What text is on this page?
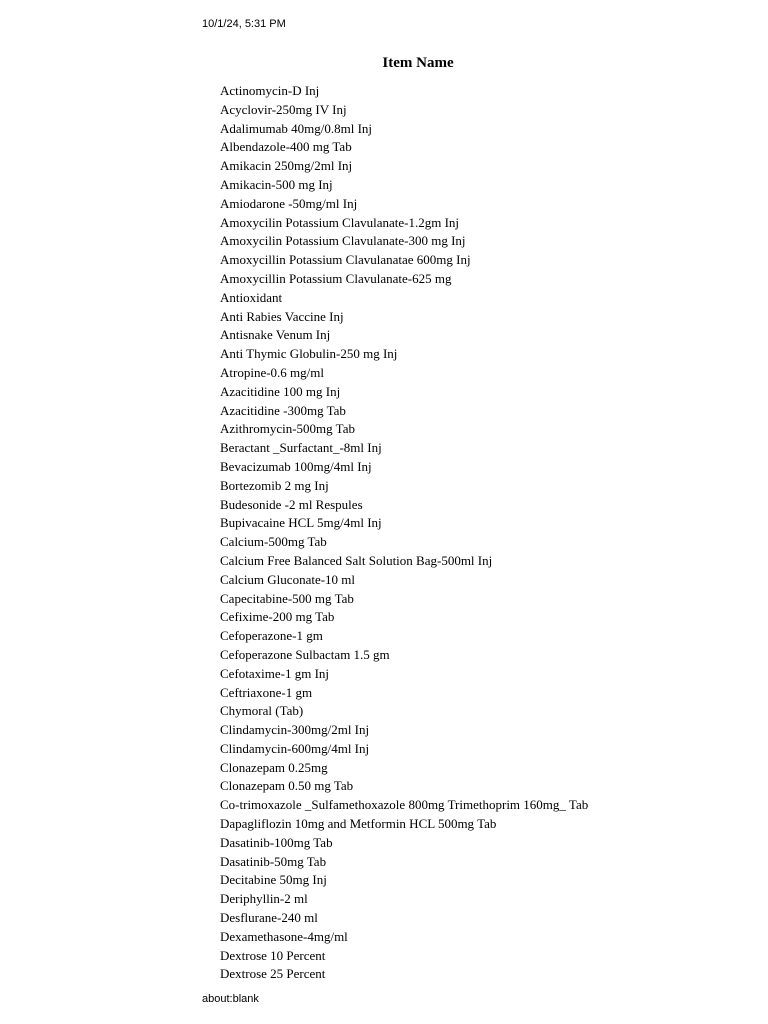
10/1/24, 5:31 PM
Item Name
Actinomycin-D Inj
Acyclovir-250mg IV Inj
Adalimumab 40mg/0.8ml Inj
Albendazole-400 mg Tab
Amikacin 250mg/2ml Inj
Amikacin-500 mg Inj
Amiodarone -50mg/ml Inj
Amoxycilin Potassium Clavulanate-1.2gm Inj
Amoxycilin Potassium Clavulanate-300 mg Inj
Amoxycillin Potassium Clavulanatae 600mg Inj
Amoxycillin Potassium Clavulanate-625 mg
Antioxidant
Anti Rabies Vaccine Inj
Antisnake Venum Inj
Anti Thymic Globulin-250 mg Inj
Atropine-0.6 mg/ml
Azacitidine 100 mg Inj
Azacitidine -300mg Tab
Azithromycin-500mg Tab
Beractant _Surfactant_-8ml Inj
Bevacizumab 100mg/4ml Inj
Bortezomib 2 mg Inj
Budesonide -2 ml Respules
Bupivacaine HCL 5mg/4ml Inj
Calcium-500mg Tab
Calcium Free Balanced Salt Solution Bag-500ml Inj
Calcium Gluconate-10 ml
Capecitabine-500 mg Tab
Cefixime-200 mg Tab
Cefoperazone-1 gm
Cefoperazone Sulbactam 1.5 gm
Cefotaxime-1 gm Inj
Ceftriaxone-1 gm
Chymoral (Tab)
Clindamycin-300mg/2ml Inj
Clindamycin-600mg/4ml Inj
Clonazepam 0.25mg
Clonazepam 0.50 mg Tab
Co-trimoxazole _Sulfamethoxazole 800mg Trimethoprim 160mg_ Tab
Dapagliflozin 10mg and Metformin HCL 500mg Tab
Dasatinib-100mg Tab
Dasatinib-50mg Tab
Decitabine 50mg Inj
Deriphyllin-2 ml
Desflurane-240 ml
Dexamethasone-4mg/ml
Dextrose 10 Percent
Dextrose 25 Percent
about:blank
